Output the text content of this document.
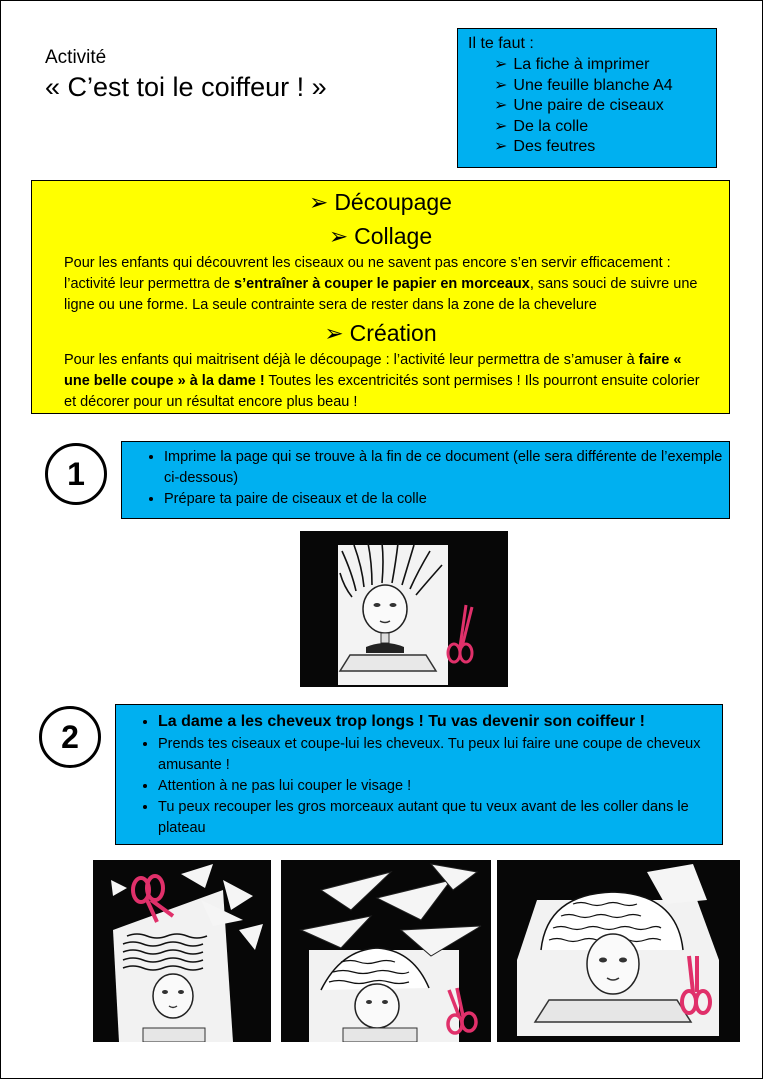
Activité
« C’est toi le coiffeur ! »
Il te faut :
➢ La fiche à imprimer
➢ Une feuille blanche A4
➢ Une paire de ciseaux
➢ De la colle
➢ Des feutres
➢ Découpage
➢ Collage
Pour les enfants qui découvrent les ciseaux ou ne savent pas encore s’en servir efficacement : l’activité leur permettra de s’entraîner à couper le papier en morceaux, sans souci de suivre une ligne ou une forme. La seule contrainte sera de rester dans la zone de la chevelure
➢ Création
Pour les enfants qui maitrisent déjà le découpage : l’activité leur permettra de s’amuser à faire « une belle coupe » à la dame ! Toutes les excentricités sont permises ! Ils pourront ensuite colorier et décorer pour un résultat encore plus beau !
1	• Imprime la page qui se trouve à la fin de ce document (elle sera différente de l’exemple ci-dessous)
• Prépare ta paire de ciseaux et de la colle
2	• La dame a les cheveux trop longs ! Tu vas devenir son coiffeur !
• Prends tes ciseaux et coupe-lui les cheveux. Tu peux lui faire une coupe de cheveux amusante !
• Attention à ne pas lui couper le visage !
• Tu peux recouper les gros morceaux autant que tu veux avant de les coller dans le plateau
